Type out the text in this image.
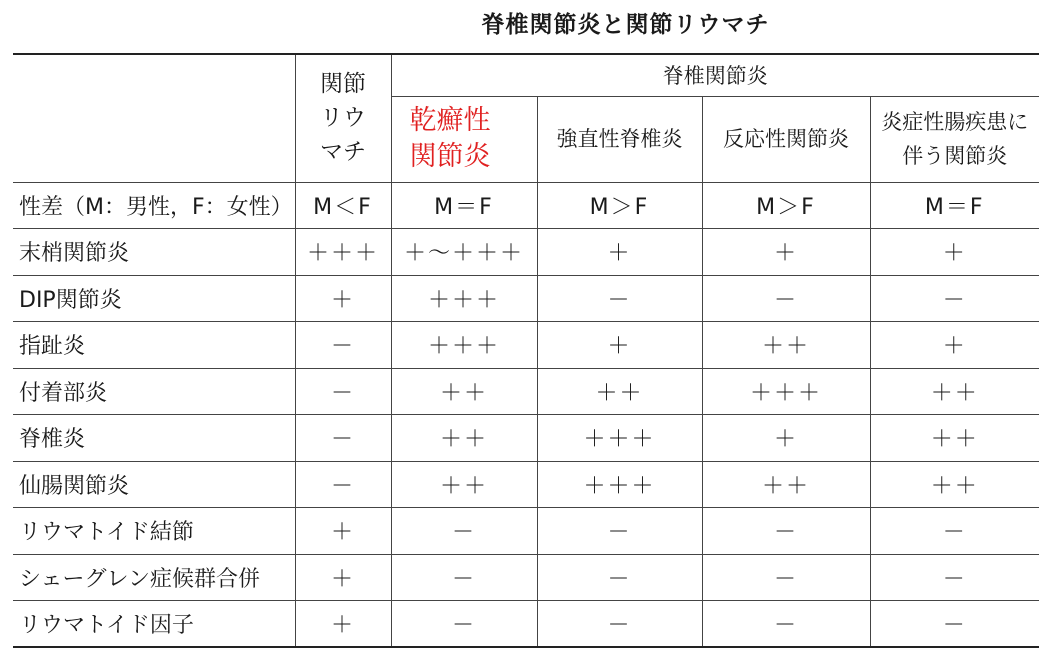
脊椎関節炎と関節リウマチ
	関節リウマチ	脊椎関節炎			
		乾癬性関節炎	強直性脊椎炎	反応性関節炎	炎症性腸疾患に伴う関節炎
性差（M：男性，F：女性）	M＜F	M＝F	M＞F	M＞F	M＝F
末梢関節炎	＋＋＋	＋〜＋＋＋	＋	＋	＋
DIP関節炎	＋	＋＋＋	－	－	－
指趾炎	－	＋＋＋	＋	＋＋	＋
付着部炎	－	＋＋	＋＋	＋＋＋	＋＋
脊椎炎	－	＋＋	＋＋＋	＋	＋＋
仙腸関節炎	－	＋＋	＋＋＋	＋＋	＋＋
リウマトイド結節	＋	－	－	－	－
シェーグレン症候群合併	＋	－	－	－	－
リウマトイド因子	＋	－	－	－	－
